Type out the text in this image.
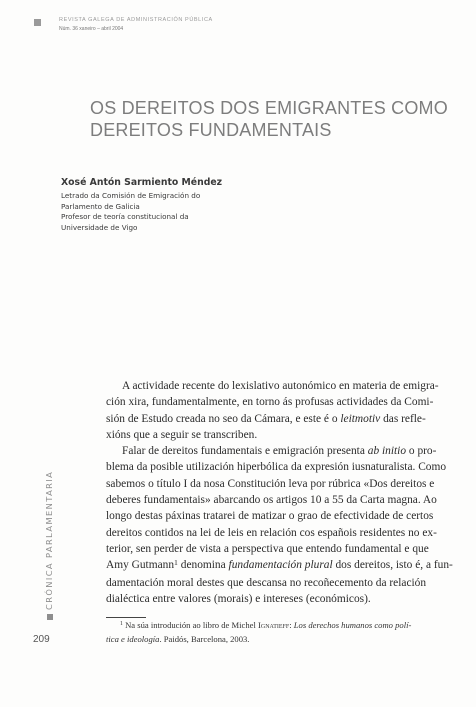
REVISTA GALEGA DE ADMINISTRACIÓN PÚBLICA
Núm. 36 xaneiro – abril 2004
OS DEREITOS DOS EMIGRANTES COMO
DEREITOS FUNDAMENTAIS
Xosé Antón Sarmiento Méndez
Letrado da Comisión de Emigración do
Parlamento de Galicia
Profesor de teoría constitucional da
Universidade de Vigo
A actividade recente do lexislativo autonómico en materia de emigra-
ción xira, fundamentalmente, en torno ás profusas actividades da Comi-
sión de Estudo creada no seo da Cámara, e este é o leitmotiv das refle-
xións que a seguir se transcriben.
Falar de dereitos fundamentais e emigración presenta ab initio o pro-
blema da posible utilización hiperbólica da expresión iusnaturalista. Como
sabemos o título I da nosa Constitución leva por rúbrica «Dos dereitos e
deberes fundamentais» abarcando os artigos 10 a 55 da Carta magna. Ao
longo destas páxinas tratarei de matizar o grao de efectividade de certos
dereitos contidos na lei de leis en relación cos españois residentes no ex-
terior, sen perder de vista a perspectiva que entendo fundamental e que
Amy Gutmann$^1$ denomina fundamentación plural dos dereitos, isto é, a fun-
damentación moral destes que descansa no recoñecemento da relación
dialéctica entre valores (morais) e intereses (económicos).
$^1$ Na súa introdución ao libro de Michel Ignatieff: Los derechos humanos como polí-
tica e ideología. Paidós, Barcelona, 2003.
CRÓNICA PARLAMENTARIA
209
